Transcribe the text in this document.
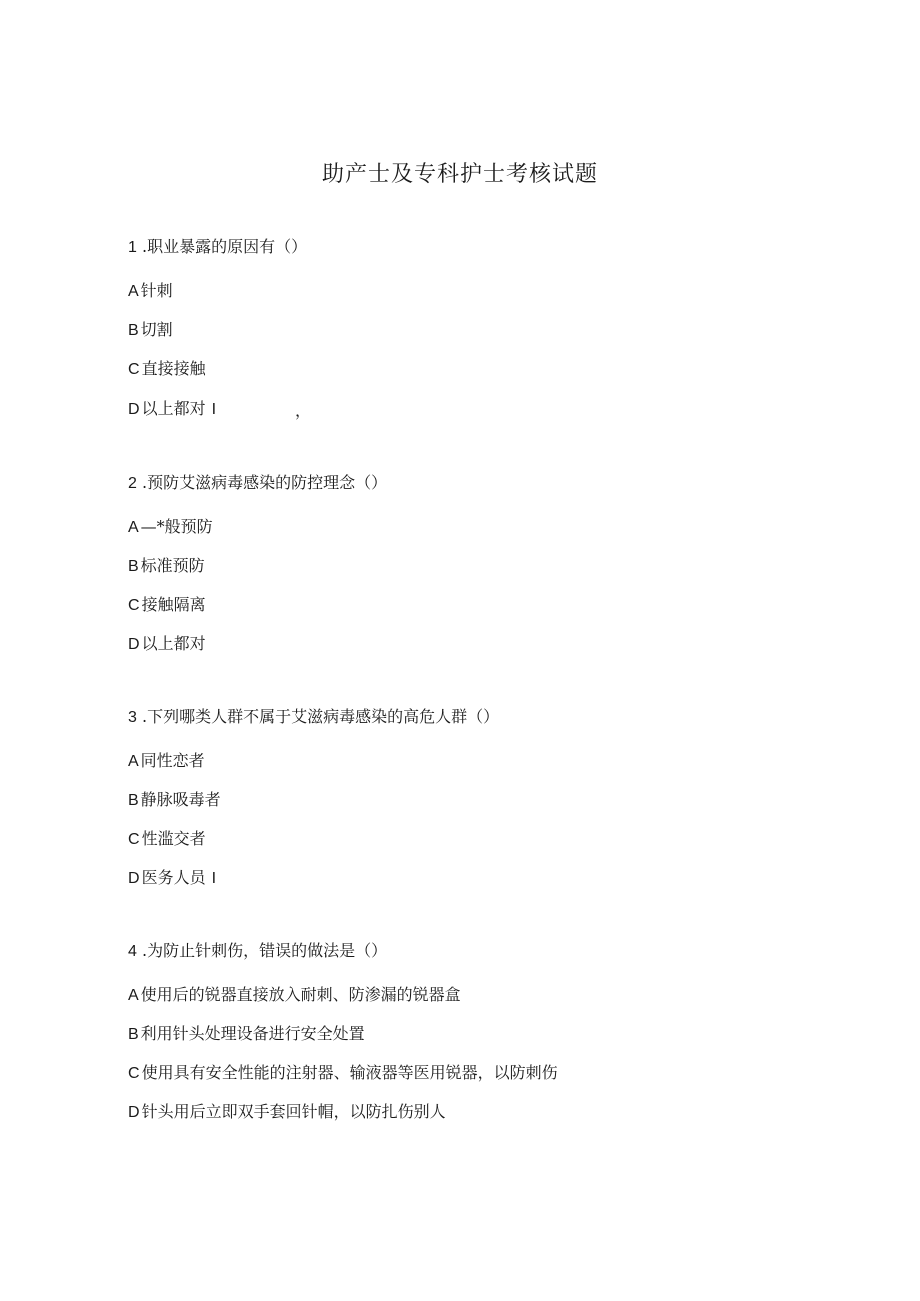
助产士及专科护士考核试题
1 .职业暴露的原因有（）
A 针刺
B 切割
C 直接接触
D 以上都对 I	，
2 .预防艾滋病毒感染的防控理念（）
A —*般预防
B 标准预防
C 接触隔离
D 以上都对
3 .下列哪类人群不属于艾滋病毒感染的高危人群（）
A 同性恋者
B 静脉吸毒者
C 性滥交者
D 医务人员 I
4 .为防止针刺伤，错误的做法是（）
A 使用后的锐器直接放入耐刺、防渗漏的锐器盒
B 利用针头处理设备进行安全处置
C 使用具有安全性能的注射器、输液器等医用锐器，以防刺伤
D 针头用后立即双手套回针帽，以防扎伤别人
